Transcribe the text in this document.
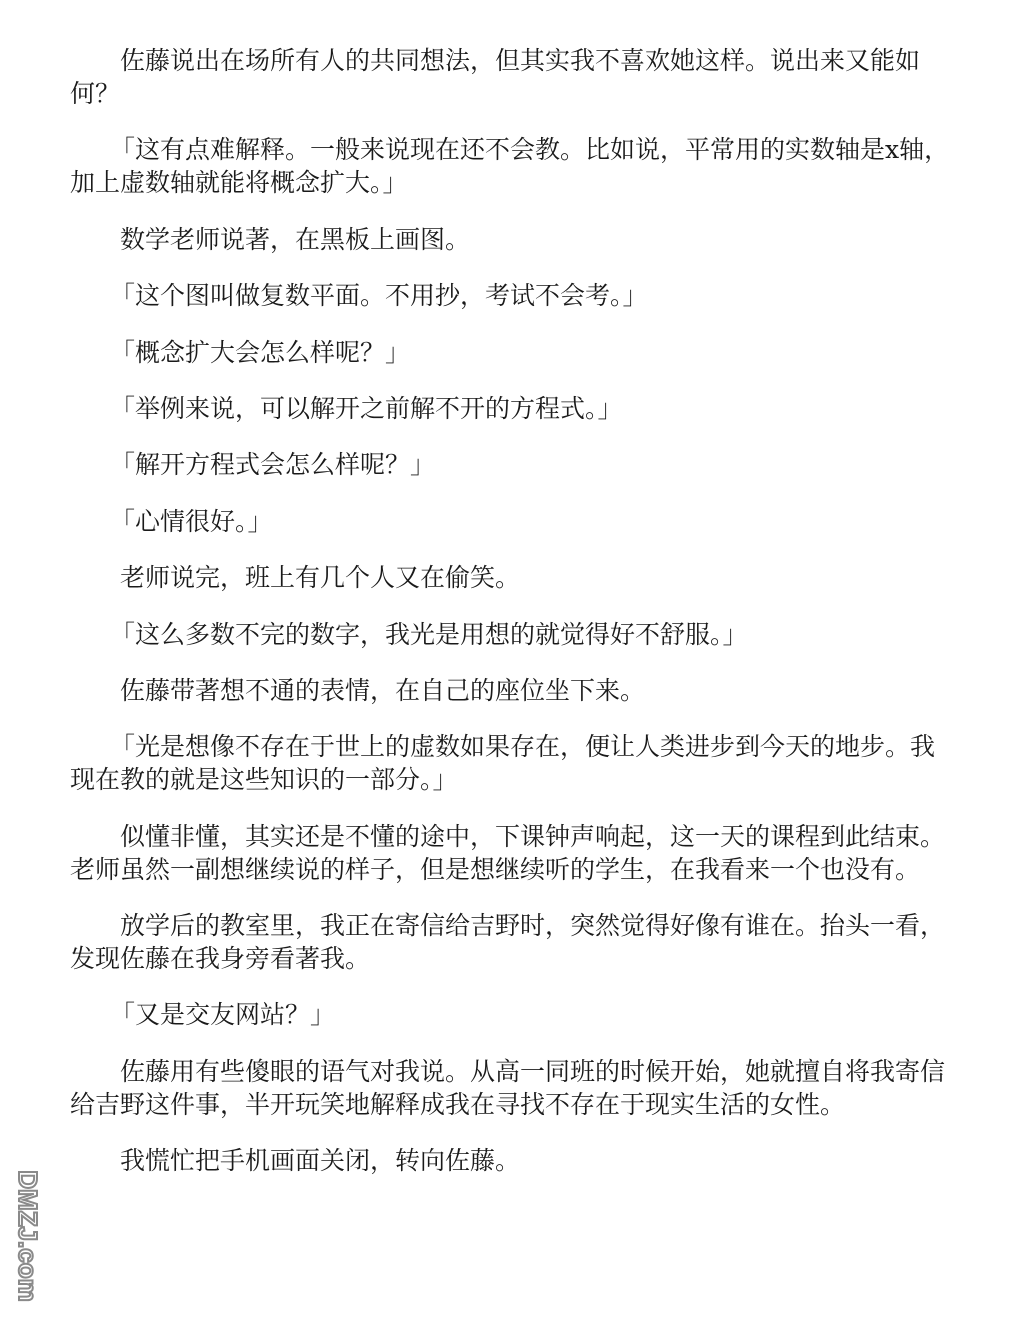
佐藤说出在场所有人的共同想法，但其实我不喜欢她这样。说出来又能如何？

「这有点难解释。一般来说现在还不会教。比如说，平常用的实数轴是x轴，加上虚数轴就能将概念扩大。」

数学老师说著，在黑板上画图。

「这个图叫做复数平面。不用抄，考试不会考。」

「概念扩大会怎么样呢？」

「举例来说，可以解开之前解不开的方程式。」

「解开方程式会怎么样呢？」

「心情很好。」

老师说完，班上有几个人又在偷笑。

「这么多数不完的数字，我光是用想的就觉得好不舒服。」

佐藤带著想不通的表情，在自己的座位坐下来。

「光是想像不存在于世上的虚数如果存在，便让人类进步到今天的地步。我现在教的就是这些知识的一部分。」

似懂非懂，其实还是不懂的途中，下课钟声响起，这一天的课程到此结束。老师虽然一副想继续说的样子，但是想继续听的学生，在我看来一个也没有。

放学后的教室里，我正在寄信给吉野时，突然觉得好像有谁在。抬头一看，发现佐藤在我身旁看著我。

「又是交友网站？」

佐藤用有些傻眼的语气对我说。从高一同班的时候开始，她就擅自将我寄信给吉野这件事，半开玩笑地解释成我在寻找不存在于现实生活的女性。

我慌忙把手机画面关闭，转向佐藤。

DMZJ.com
